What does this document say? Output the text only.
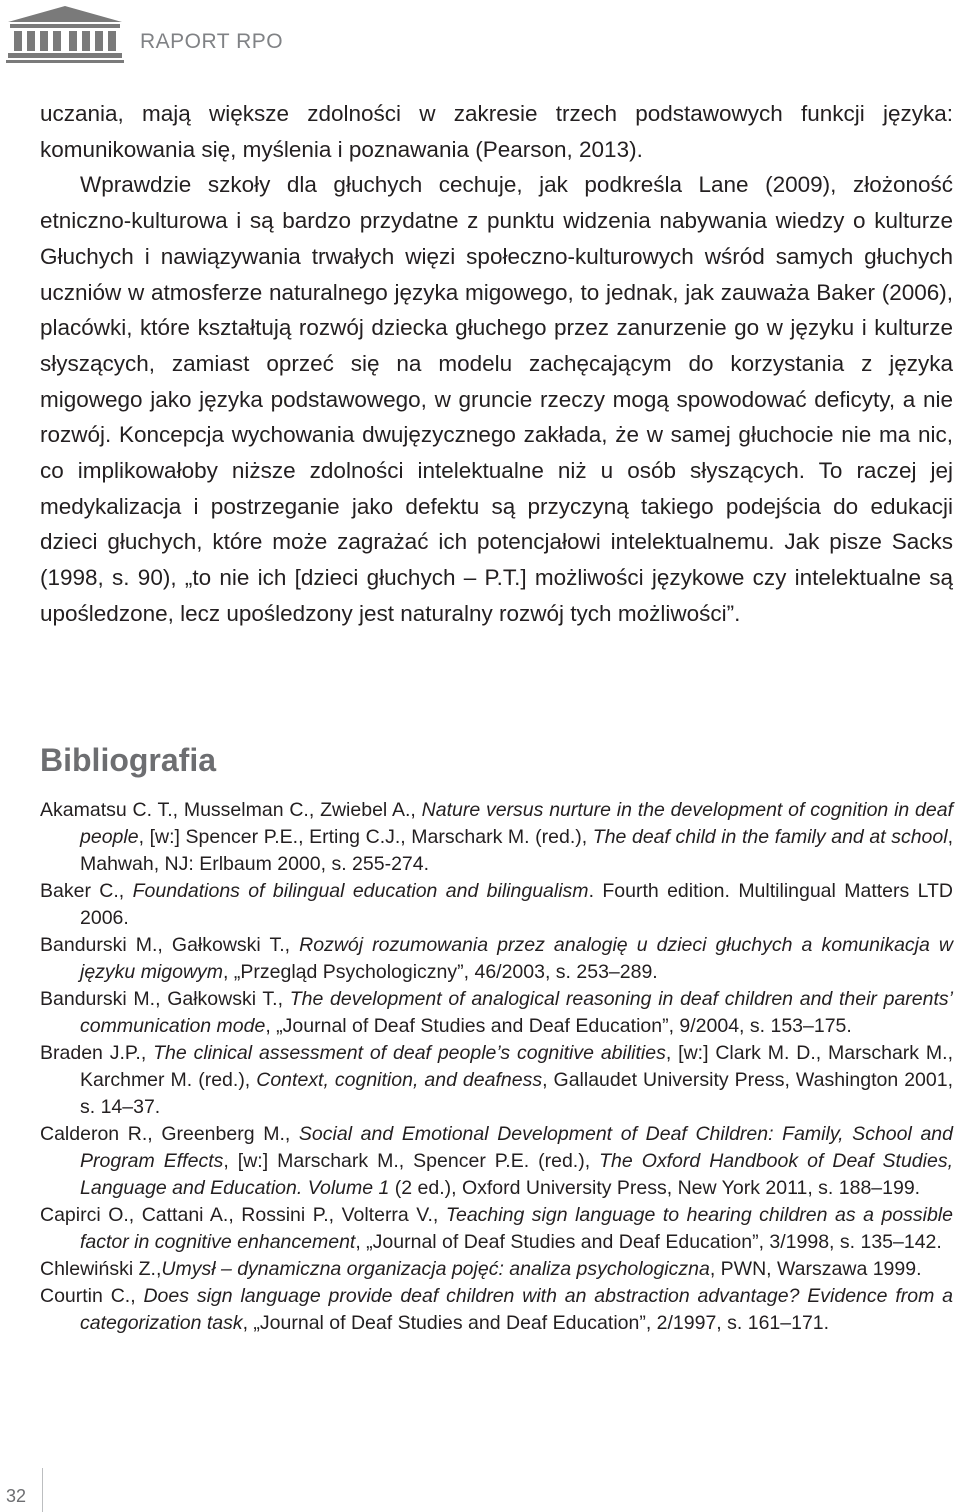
RAPORT RPO

uczania, mają większe zdolności w zakresie trzech podstawowych funkcji języka: komunikowania się, myślenia i poznawania (Pearson, 2013).

Wprawdzie szkoły dla głuchych cechuje, jak podkreśla Lane (2009), złożoność etniczno-kulturowa i są bardzo przydatne z punktu widzenia nabywania wiedzy o kulturze Głuchych i nawiązywania trwałych więzi społeczno-kulturowych wśród samych głuchych uczniów w atmosferze naturalnego języka migowego, to jednak, jak zauważa Baker (2006), placówki, które kształtują rozwój dziecka głuchego przez zanurzenie go w języku i kulturze słyszących, zamiast oprzeć się na modelu zachęcającym do korzystania z języka migowego jako języka podstawowego, w gruncie rzeczy mogą spowodować deficyty, a nie rozwój. Koncepcja wychowania dwujęzycznego zakłada, że w samej głuchocie nie ma nic, co implikowałoby niższe zdolności intelektualne niż u osób słyszących. To raczej jej medykalizacja i postrzeganie jako defektu są przyczyną takiego podejścia do edukacji dzieci głuchych, które może zagrażać ich potencjałowi intelektualnemu. Jak pisze Sacks (1998, s. 90), „to nie ich [dzieci głuchych – P.T.] możliwości językowe czy intelektualne są upośledzone, lecz upośledzony jest naturalny rozwój tych możliwości”.

Bibliografia

Akamatsu C. T., Musselman C., Zwiebel A., Nature versus nurture in the development of cognition in deaf people, [w:] Spencer P.E., Erting C.J., Marschark M. (red.), The deaf child in the family and at school, Mahwah, NJ: Erlbaum 2000, s. 255-274.

Baker C., Foundations of bilingual education and bilingualism. Fourth edition. Multilingual Matters LTD 2006.

Bandurski M., Gałkowski T., Rozwój rozumowania przez analogię u dzieci głuchych a komunikacja w języku migowym, „Przegląd Psychologiczny”, 46/2003, s. 253–289.

Bandurski M., Gałkowski T., The development of analogical reasoning in deaf children and their parents’ communication mode, „Journal of Deaf Studies and Deaf Education”, 9/2004, s. 153–175.

Braden J.P., The clinical assessment of deaf people’s cognitive abilities, [w:] Clark M. D., Marschark M., Karchmer M. (red.), Context, cognition, and deafness, Gallaudet University Press, Washington 2001, s. 14–37.

Calderon R., Greenberg M., Social and Emotional Development of Deaf Children: Family, School and Program Effects, [w:] Marschark M., Spencer P.E. (red.), The Oxford Handbook of Deaf Studies, Language and Education. Volume 1 (2 ed.), Oxford University Press, New York 2011, s. 188–199.

Capirci O., Cattani A., Rossini P., Volterra V., Teaching sign language to hearing children as a possible factor in cognitive enhancement, „Journal of Deaf Studies and Deaf Education”, 3/1998, s. 135–142.

Chlewiński Z.,Umysł – dynamiczna organizacja pojęć: analiza psychologiczna, PWN, Warszawa 1999.

Courtin C., Does sign language provide deaf children with an abstraction advantage? Evidence from a categorization task, „Journal of Deaf Studies and Deaf Education”, 2/1997, s. 161–171.

32
